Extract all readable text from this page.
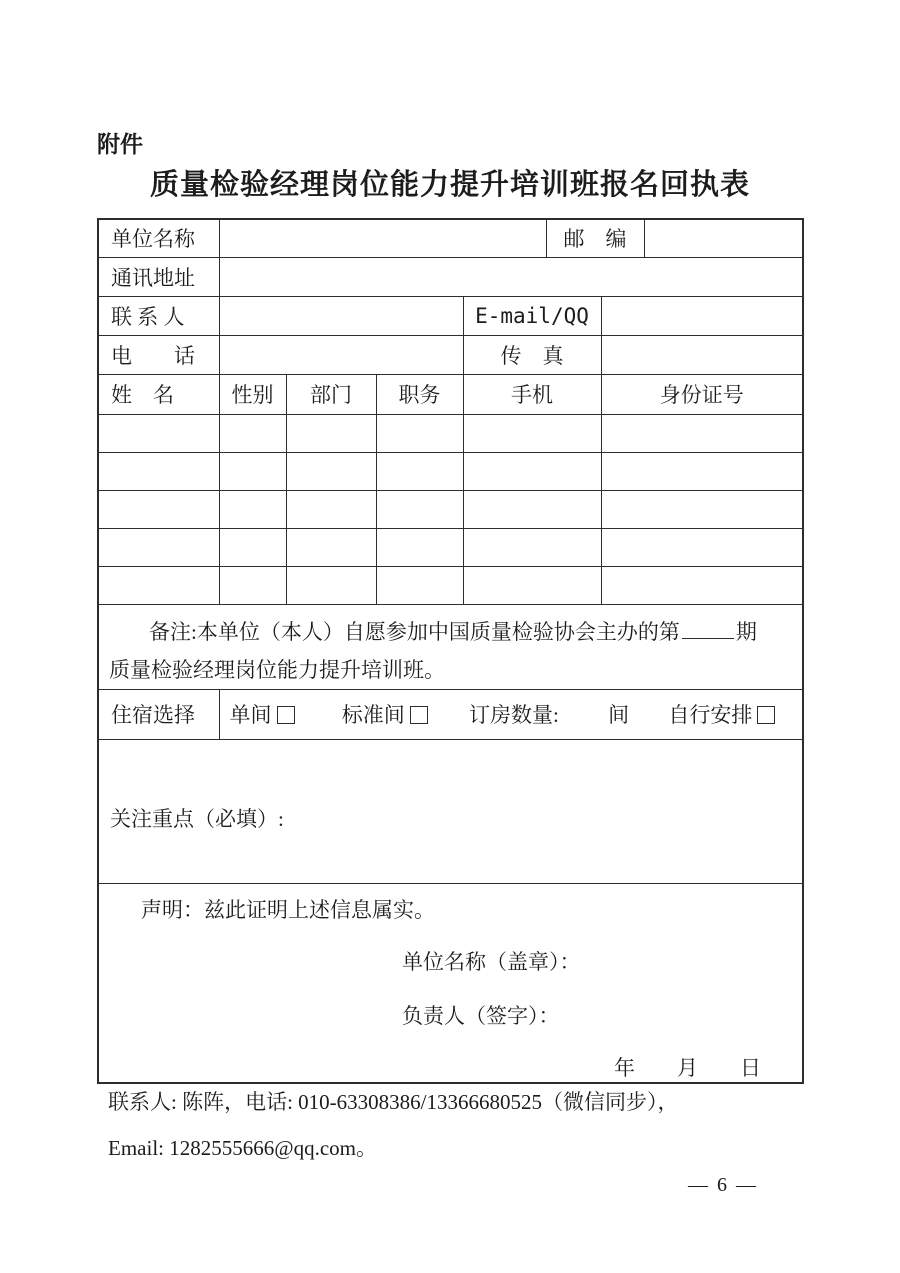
附件
质量检验经理岗位能力提升培训班报名回执表
单位名称					邮　编		
通讯地址							
联 系 人				E-mail/QQ			
电　　话				传　真			
姓　名	性别	部门	职务	手机		身份证号	

备注:本单位（本人）自愿参加中国质量检验协会主办的第 期
质量检验经理岗位能力提升培训班。							

住宿选择	单间 标准间 订房数量: 间 自行安排						

关注重点（必填）:							

声明：兹此证明上述信息属实。
单位名称（盖章）：
负责人（签字）：
年　　月　　日							
联系人: 陈阵，电话: 010-63308386/13366680525（微信同步），
Email: 1282555666@qq.com。
— 6 —
